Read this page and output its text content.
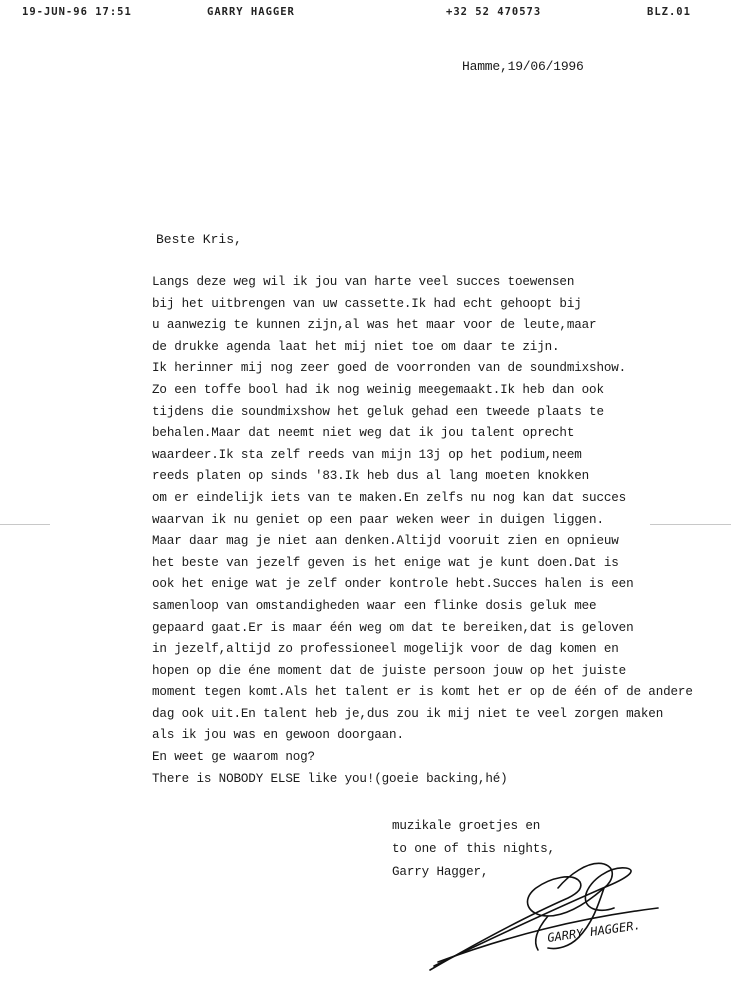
19-JUN-96 17:51	GARRY HAGGER	+32 52 470573	BLZ.01
Hamme,19/06/1996
Beste Kris,
Langs deze weg wil ik jou van harte veel succes toewensen
bij het uitbrengen van uw cassette.Ik had echt gehoopt bij
u aanwezig te kunnen zijn,al was het maar voor de leute,maar
de drukke agenda laat het mij niet toe om daar te zijn.
Ik herinner mij nog zeer goed de voorronden van de soundmixshow.
Zo een toffe bool had ik nog weinig meegemaakt.Ik heb dan ook
tijdens die soundmixshow het geluk gehad een tweede plaats te
behalen.Maar dat neemt niet weg dat ik jou talent oprecht
waardeer.Ik sta zelf reeds van mijn 13j op het podium,neem
reeds platen op sinds '83.Ik heb dus al lang moeten knokken
om er eindelijk iets van te maken.En zelfs nu nog kan dat succes
waarvan ik nu geniet op een paar weken weer in duigen liggen.
Maar daar mag je niet aan denken.Altijd vooruit zien en opnieuw
het beste van jezelf geven is het enige wat je kunt doen.Dat is
ook het enige wat je zelf onder kontrole hebt.Succes halen is een
samenloop van omstandigheden waar een flinke dosis geluk mee
gepaard gaat.Er is maar één weg om dat te bereiken,dat is geloven
in jezelf,altijd zo professioneel mogelijk voor de dag komen en
hopen op die éne moment dat de juiste persoon jouw op het juiste
moment tegen komt.Als het talent er is komt het er op de één of de andere
dag ook uit.En talent heb je,dus zou ik mij niet te veel zorgen maken
als ik jou was en gewoon doorgaan.
En weet ge waarom nog?
There is NOBODY ELSE like you!(goeie backing,hé)
muzikale groetjes en
to one of this nights,
Garry Hagger,
GARRY HAGGER.
